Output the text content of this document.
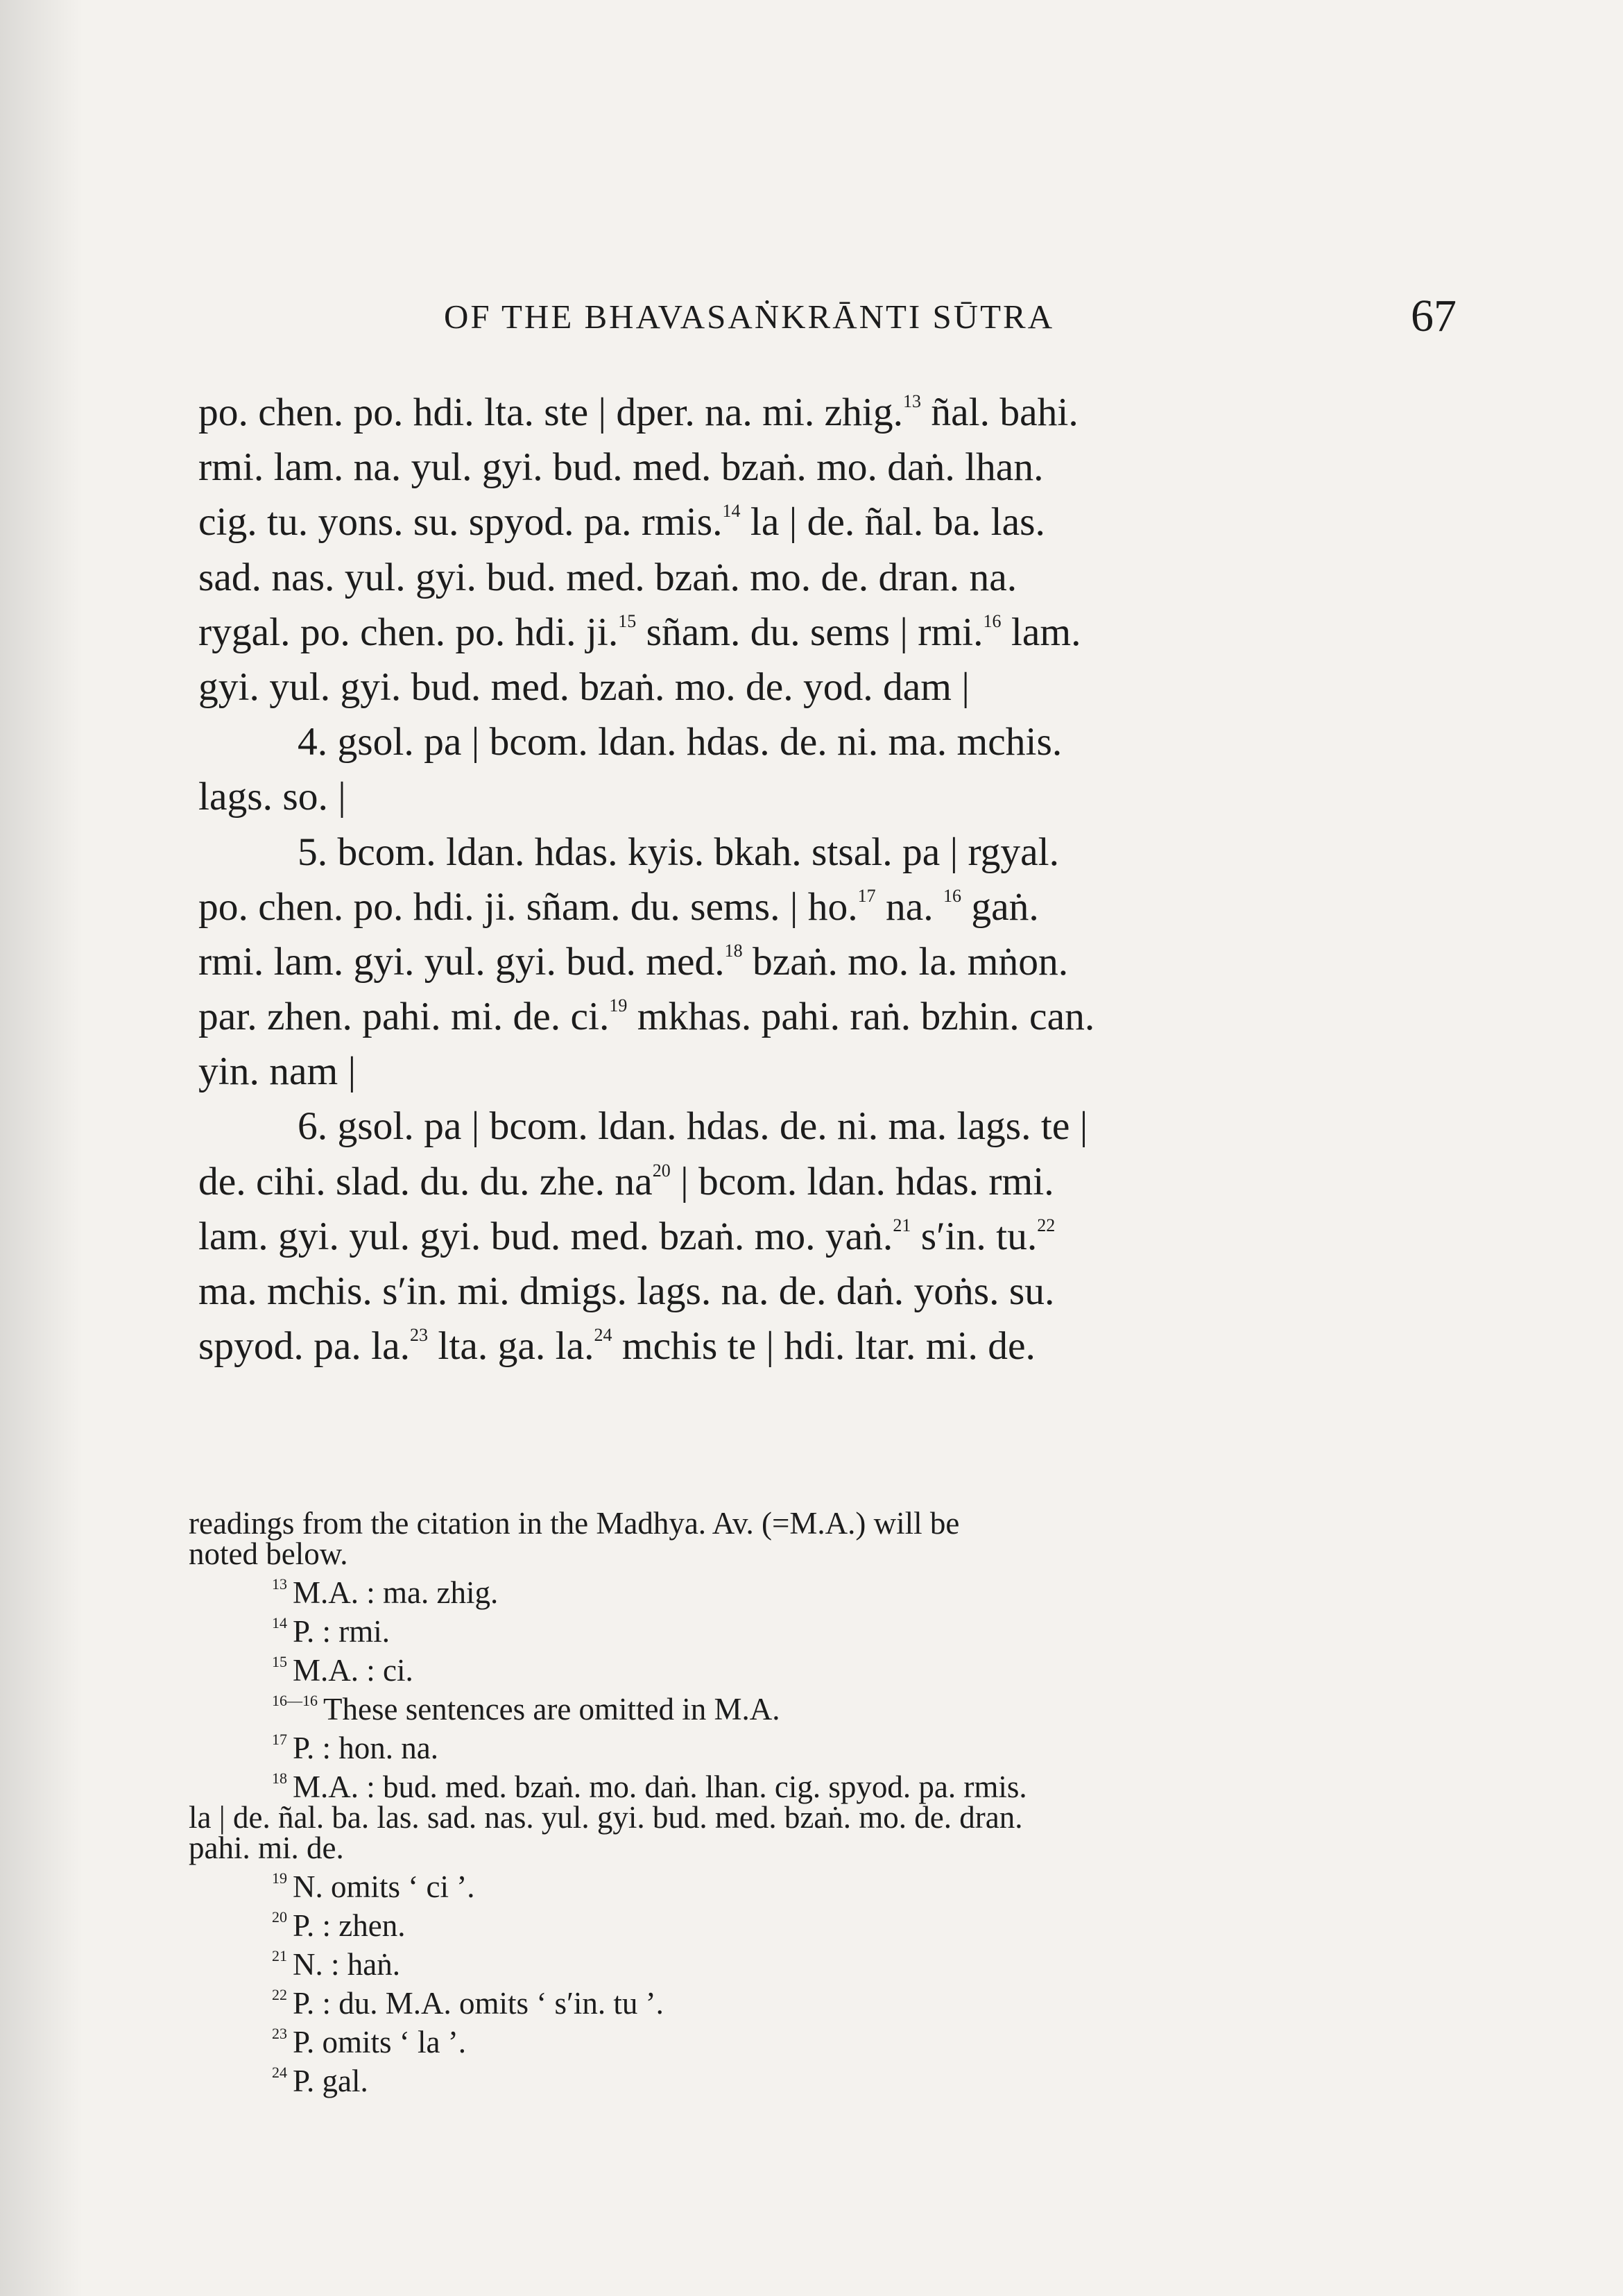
OF THE BHAVASAṄKRĀNTI SŪTRA	67
po. chen. po. hdi. lta. ste | dper. na. mi. zhig.$^{13}$ ñal. bahi.
rmi. lam. na. yul. gyi. bud. med. bzaṅ. mo. daṅ. lhan.
cig. tu. yons. su. spyod. pa. rmis.$^{14}$ la | de. ñal. ba. las.
sad. nas. yul. gyi. bud. med. bzaṅ. mo. de. dran. na.
rygal. po. chen. po. hdi. ji.$^{15}$ sñam. du. sems | rmi.$^{16}$ lam.
gyi. yul. gyi. bud. med. bzaṅ. mo. de. yod. dam |
4. gsol. pa | bcom. ldan. hdas. de. ni. ma. mchis.
lags. so. |
5. bcom. ldan. hdas. kyis. bkah. stsal. pa | rgyal.
po. chen. po. hdi. ji. sñam. du. sems. | ho.$^{17}$ na. $^{16}$ gaṅ.
rmi. lam. gyi. yul. gyi. bud. med.$^{18}$ bzaṅ. mo. la. mṅon.
par. zhen. pahi. mi. de. ci.$^{19}$ mkhas. pahi. raṅ. bzhin. can.
yin. nam |
6. gsol. pa | bcom. ldan. hdas. de. ni. ma. lags. te |
de. cihi. slad. du. du. zhe. $na^{20}$ | bcom. ldan. hdas. rmi.
lam. gyi. yul. gyi. bud. med. bzaṅ. mo. yaṅ.$^{21}$ s′in. tu.$^{22}$
ma. mchis. s′in. mi. dmigs. lags. na. de. daṅ. yoṅs. su.
spyod. pa. la.$^{23}$ lta. ga. la.$^{24}$ mchis te | hdi. ltar. mi. de.
readings from the citation in the Madhya. Av. (=M.A.) will be
noted below.
$^{13}$ M.A. : ma. zhig.
$^{14}$ P. : rmi.
$^{15}$ M.A. : ci.
$^{16—16}$ These sentences are omitted in M.A.
$^{17}$ P. : hon. na.
$^{18}$ M.A. : bud. med. bzaṅ. mo. daṅ. lhan. cig. spyod. pa. rmis.
la | de. ñal. ba. las. sad. nas. yul. gyi. bud. med. bzaṅ. mo. de. dran.
pahi. mi. de.
$^{19}$ N. omits ‘ ci ’.
$^{20}$ P. : zhen.
$^{21}$ N. : haṅ.
$^{22}$ P. : du. M.A. omits ‘ s′in. tu ’.
$^{23}$ P. omits ‘ la ’.
$^{24}$ P. gal.
